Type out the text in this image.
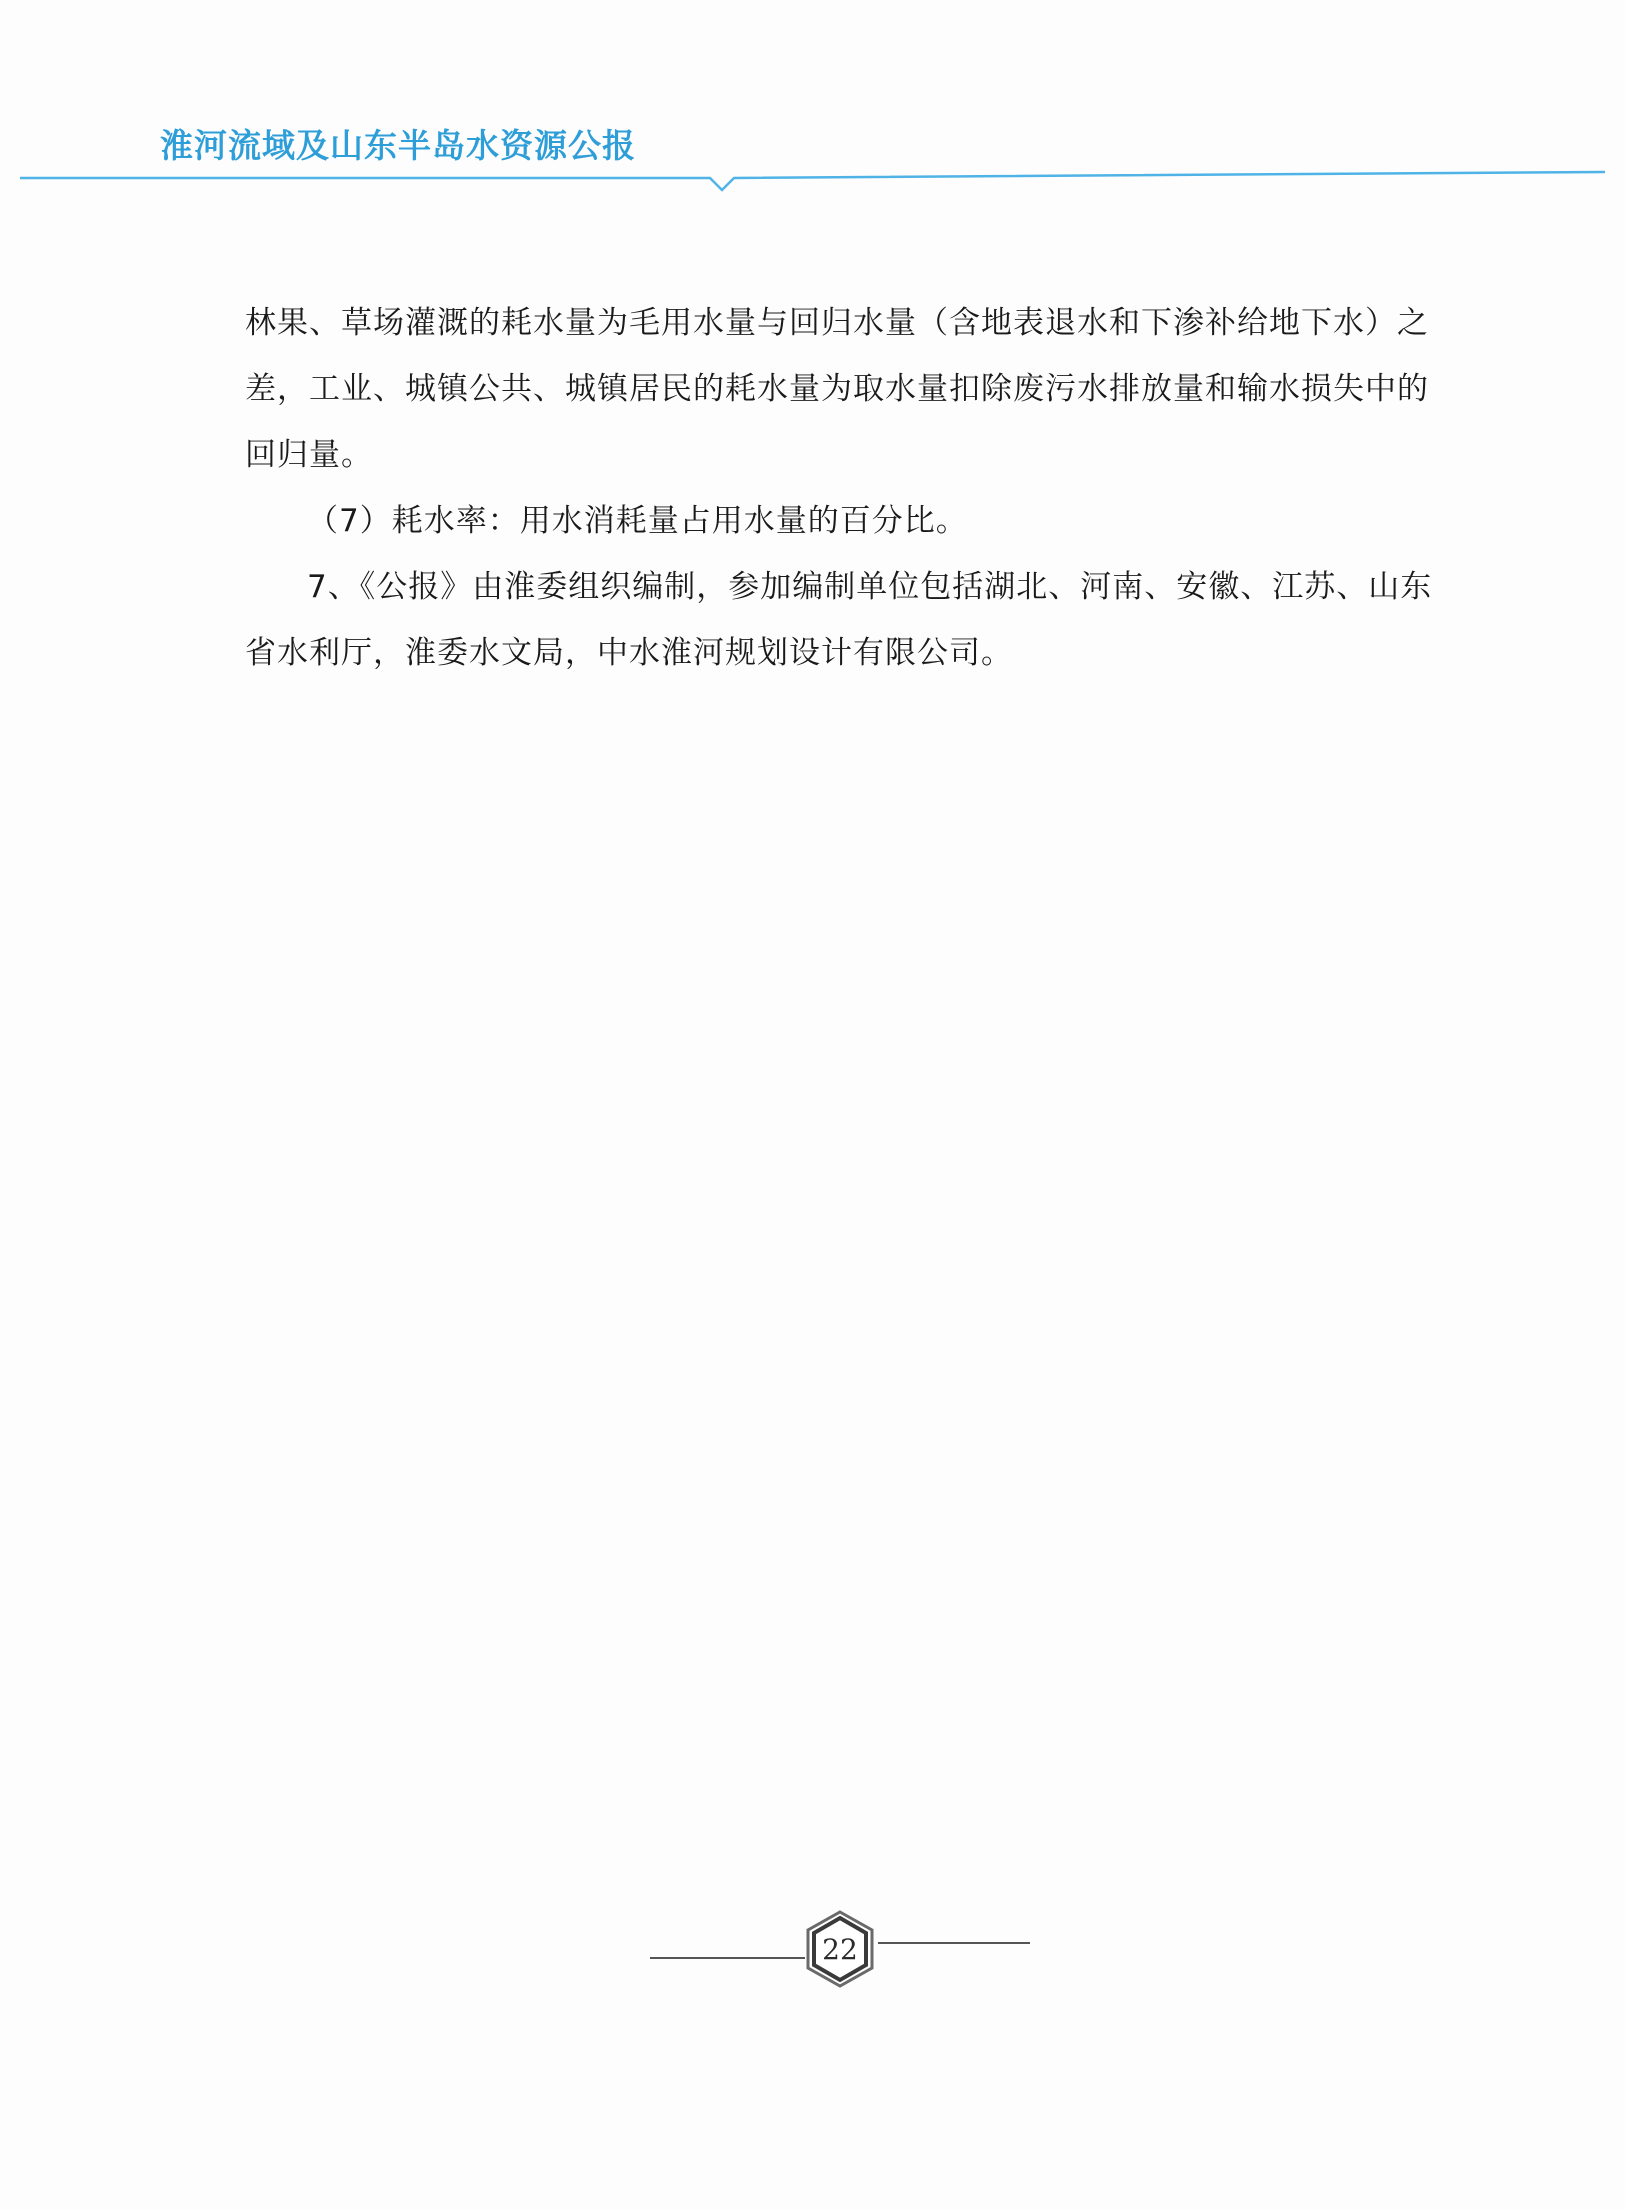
淮河流域及山东半岛水资源公报

林果、草场灌溉的耗水量为毛用水量与回归水量（含地表退水和下渗补给地下水）之差，工业、城镇公共、城镇居民的耗水量为取水量扣除废污水排放量和输水损失中的回归量。

（7）耗水率：用水消耗量占用水量的百分比。

7、《公报》由淮委组织编制，参加编制单位包括湖北、河南、安徽、江苏、山东省水利厅，淮委水文局，中水淮河规划设计有限公司。

22
